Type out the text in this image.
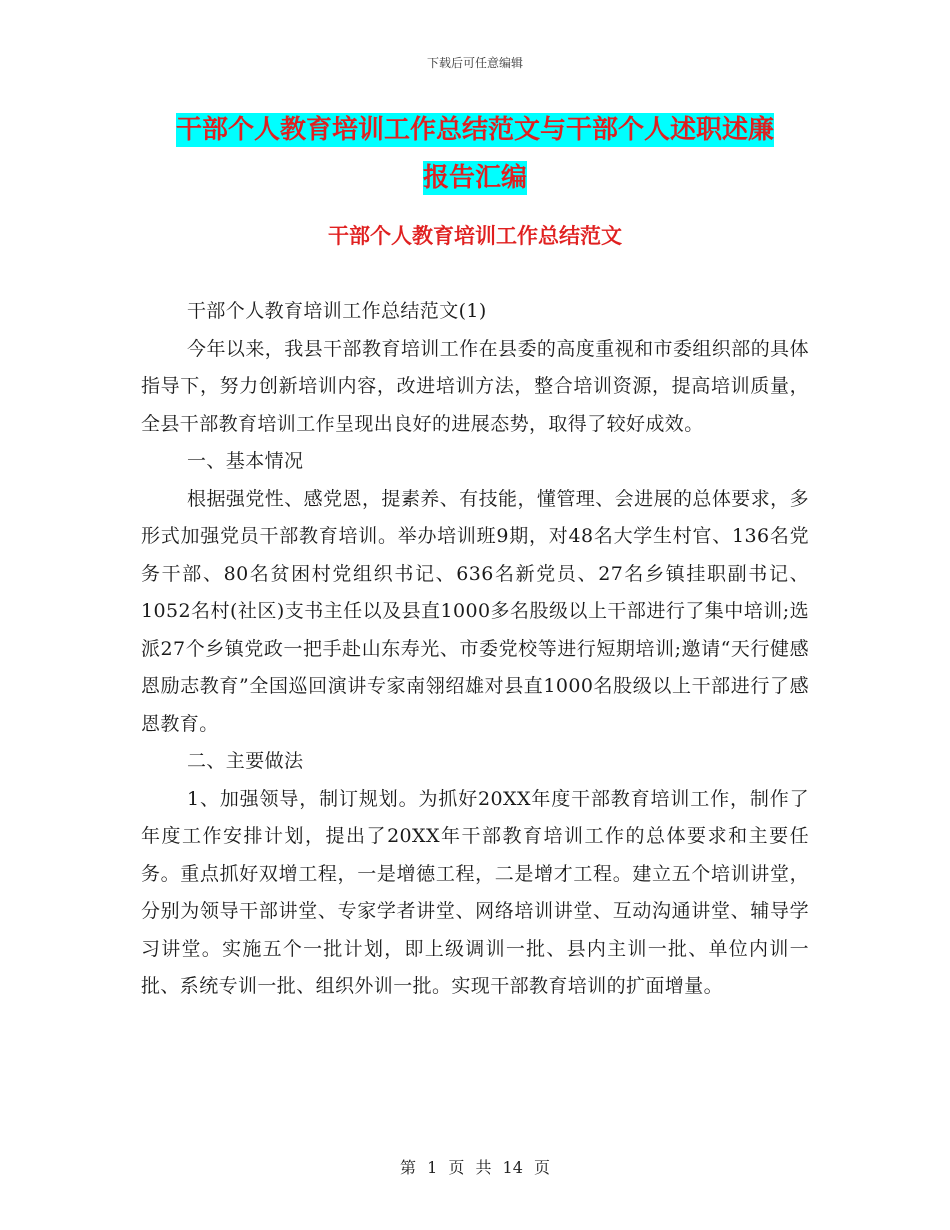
下载后可任意编辑
干部个人教育培训工作总结范文与干部个人述职述廉
报告汇编
干部个人教育培训工作总结范文

干部个人教育培训工作总结范文(1)

今年以来，我县干部教育培训工作在县委的高度重视和市委组织部的具体指导下，努力创新培训内容，改进培训方法，整合培训资源，提高培训质量，全县干部教育培训工作呈现出良好的进展态势，取得了较好成效。

一、基本情况

根据强党性、感党恩，提素养、有技能，懂管理、会进展的总体要求，多形式加强党员干部教育培训。举办培训班9期，对48名大学生村官、136名党务干部、80名贫困村党组织书记、636名新党员、27名乡镇挂职副书记、1052名村(社区)支书主任以及县直1000多名股级以上干部进行了集中培训;选派27个乡镇党政一把手赴山东寿光、市委党校等进行短期培训;邀请“天行健感恩励志教育”全国巡回演讲专家南翎绍雄对县直1000名股级以上干部进行了感恩教育。

二、主要做法

1、加强领导，制订规划。为抓好20XX年度干部教育培训工作，制作了年度工作安排计划，提出了20XX年干部教育培训工作的总体要求和主要任务。重点抓好双增工程，一是增德工程，二是增才工程。建立五个培训讲堂，分别为领导干部讲堂、专家学者讲堂、网络培训讲堂、互动沟通讲堂、辅导学习讲堂。实施五个一批计划，即上级调训一批、县内主训一批、单位内训一批、系统专训一批、组织外训一批。实现干部教育培训的扩面增量。

第 1 页 共 14 页
